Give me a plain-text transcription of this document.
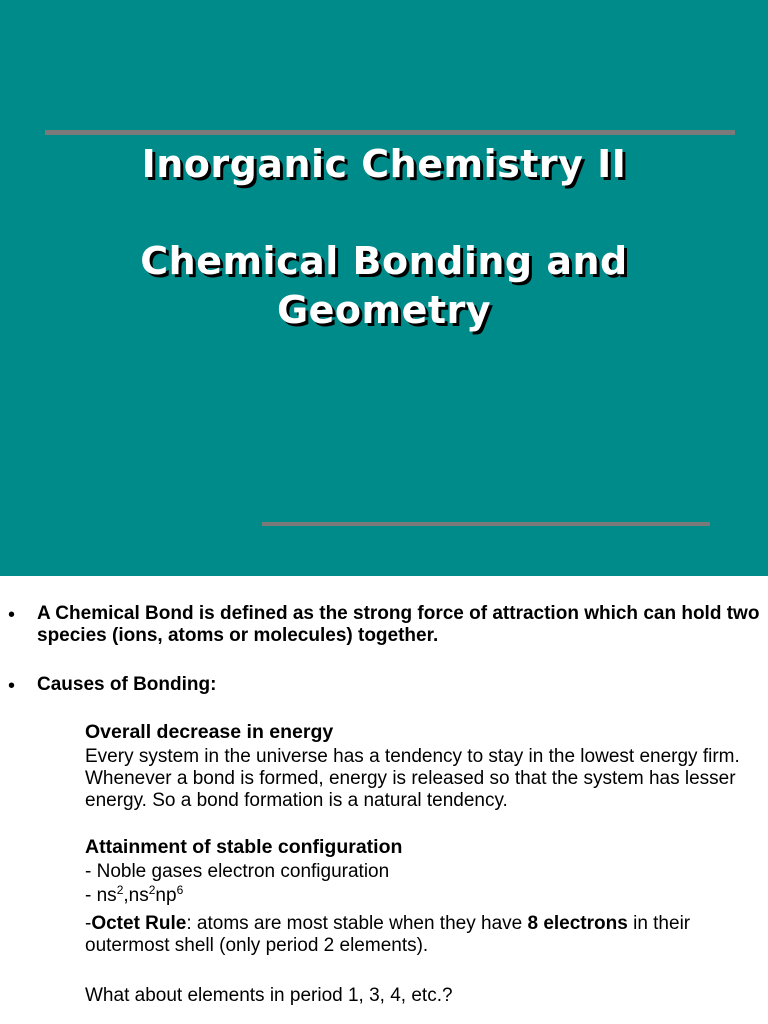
Inorganic Chemistry II
Chemical Bonding and
Geometry
• A Chemical Bond is defined as the strong force of attraction which can hold two species (ions, atoms or molecules) together.
• Causes of Bonding:
Overall decrease in energy
Every system in the universe has a tendency to stay in the lowest energy firm. Whenever a bond is formed, energy is released so that the system has lesser energy. So a bond formation is a natural tendency.
Attainment of stable configuration
- Noble gases electron configuration
- $ns^2,ns^2np^6$
-Octet Rule: atoms are most stable when they have 8 electrons in their outermost shell (only period 2 elements).
What about elements in period 1, 3, 4, etc.?
